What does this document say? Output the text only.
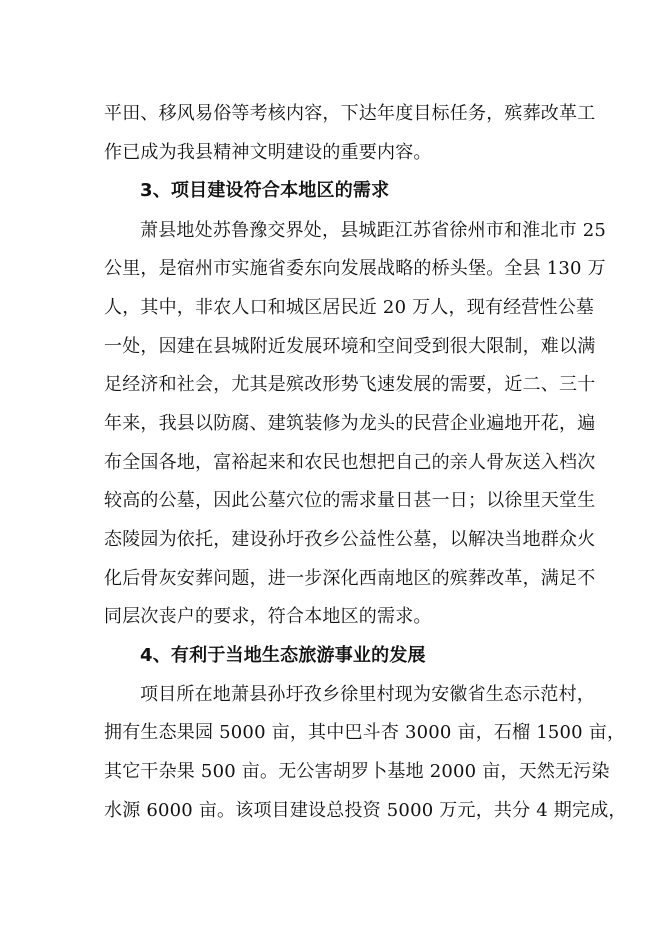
平田、移风易俗等考核内容，下达年度目标任务，殡葬改革工
作已成为我县精神文明建设的重要内容。
3、项目建设符合本地区的需求
萧县地处苏鲁豫交界处，县城距江苏省徐州市和淮北市 25
公里，是宿州市实施省委东向发展战略的桥头堡。全县 130 万
人，其中，非农人口和城区居民近 20 万人，现有经营性公墓
一处，因建在县城附近发展环境和空间受到很大限制，难以满
足经济和社会，尤其是殡改形势飞速发展的需要，近二、三十
年来，我县以防腐、建筑装修为龙头的民营企业遍地开花，遍
布全国各地，富裕起来和农民也想把自己的亲人骨灰送入档次
较高的公墓，因此公墓穴位的需求量日甚一日；以徐里天堂生
态陵园为依托，建设孙圩孜乡公益性公墓，以解决当地群众火
化后骨灰安葬问题，进一步深化西南地区的殡葬改革，满足不
同层次丧户的要求，符合本地区的需求。
4、有利于当地生态旅游事业的发展
项目所在地萧县孙圩孜乡徐里村现为安徽省生态示范村，
拥有生态果园 5000 亩，其中巴斗杏 3000 亩，石榴 1500 亩，
其它干杂果 500 亩。无公害胡罗卜基地 2000 亩，天然无污染
水源 6000 亩。该项目建设总投资 5000 万元，共分 4 期完成，
